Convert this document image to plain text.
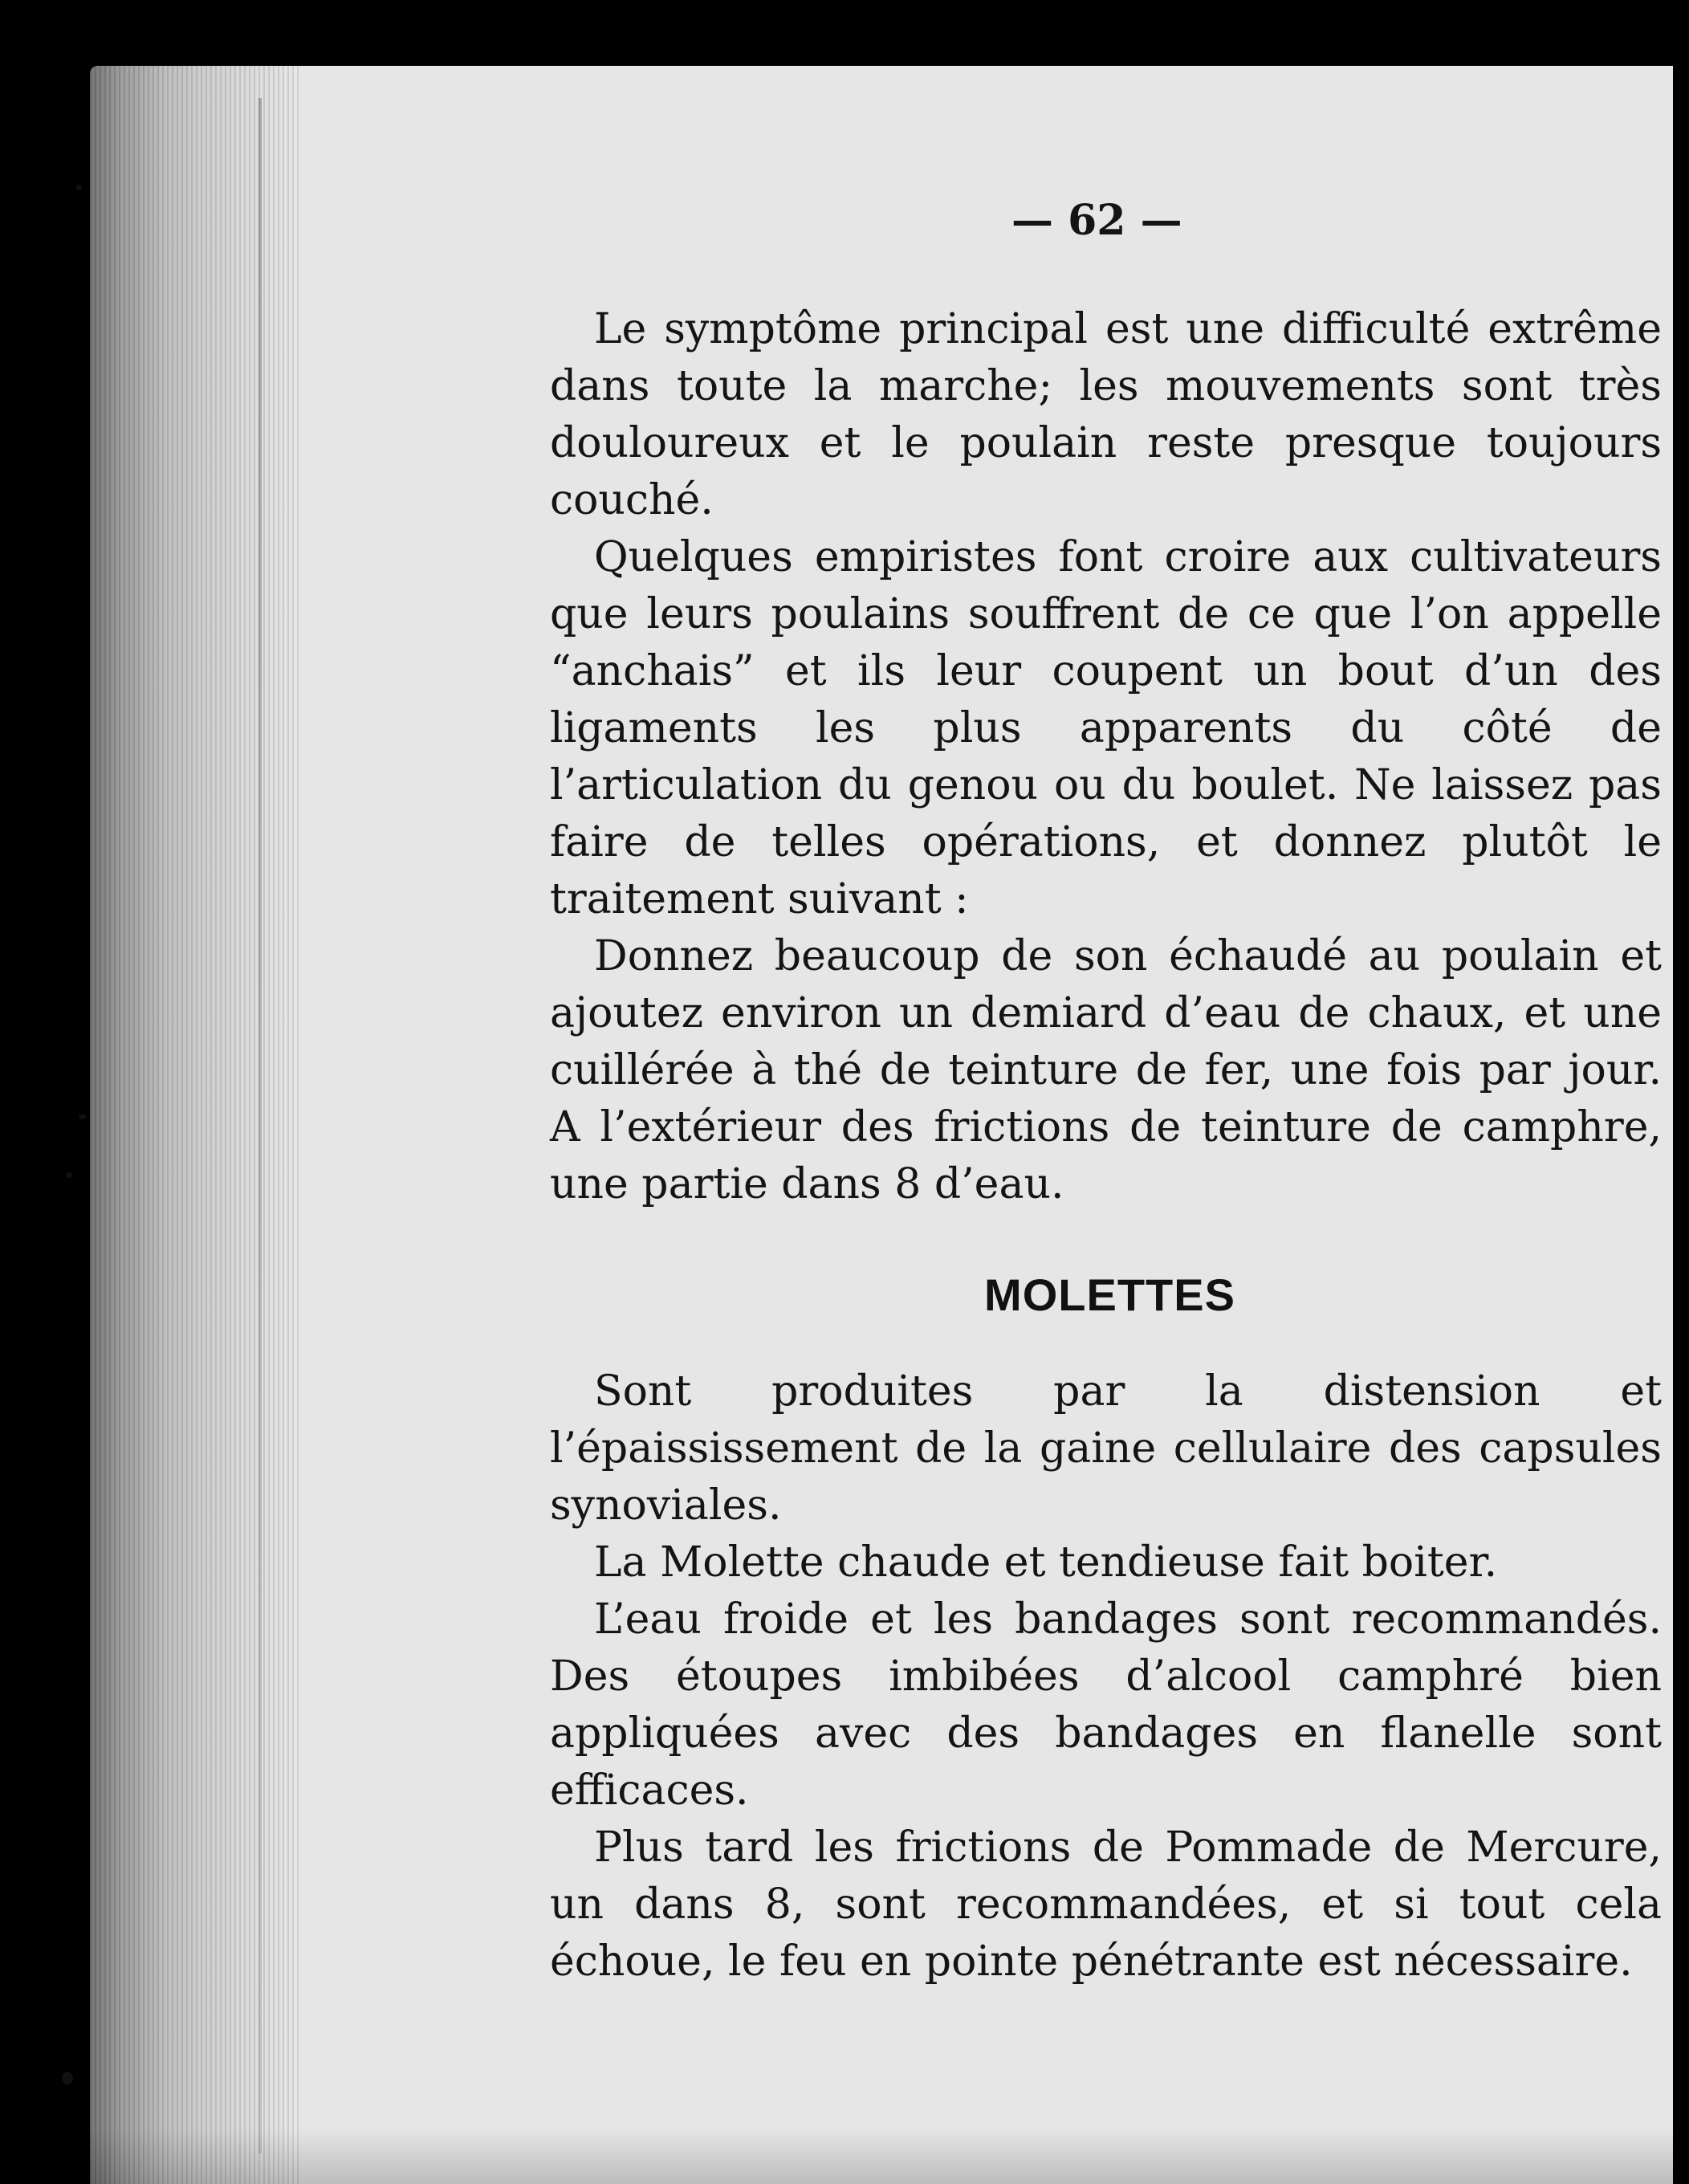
— 62 —

Le symptôme principal est une difficulté extrême dans toute la marche; les mouvements sont très douloureux et le poulain reste presque toujours couché.

Quelques empiristes font croire aux cultivateurs que leurs poulains souffrent de ce que l’on appelle “anchais” et ils leur coupent un bout d’un des ligaments les plus apparents du côté de l’articulation du genou ou du boulet. Ne laissez pas faire de telles opérations, et donnez plutôt le traitement suivant :

Donnez beaucoup de son échaudé au poulain et ajoutez environ un demiard d’eau de chaux, et une cuillérée à thé de teinture de fer, une fois par jour. A l’extérieur des frictions de teinture de camphre, une partie dans 8 d’eau.

MOLETTES

Sont produites par la distension et l’épaississement de la gaine cellulaire des capsules synoviales.

La Molette chaude et tendieuse fait boiter.

L’eau froide et les bandages sont recommandés. Des étoupes imbibées d’alcool camphré bien appliquées avec des bandages en flanelle sont efficaces.

Plus tard les frictions de Pommade de Mercure, un dans 8, sont recommandées, et si tout cela échoue, le feu en pointe pénétrante est nécessaire.
